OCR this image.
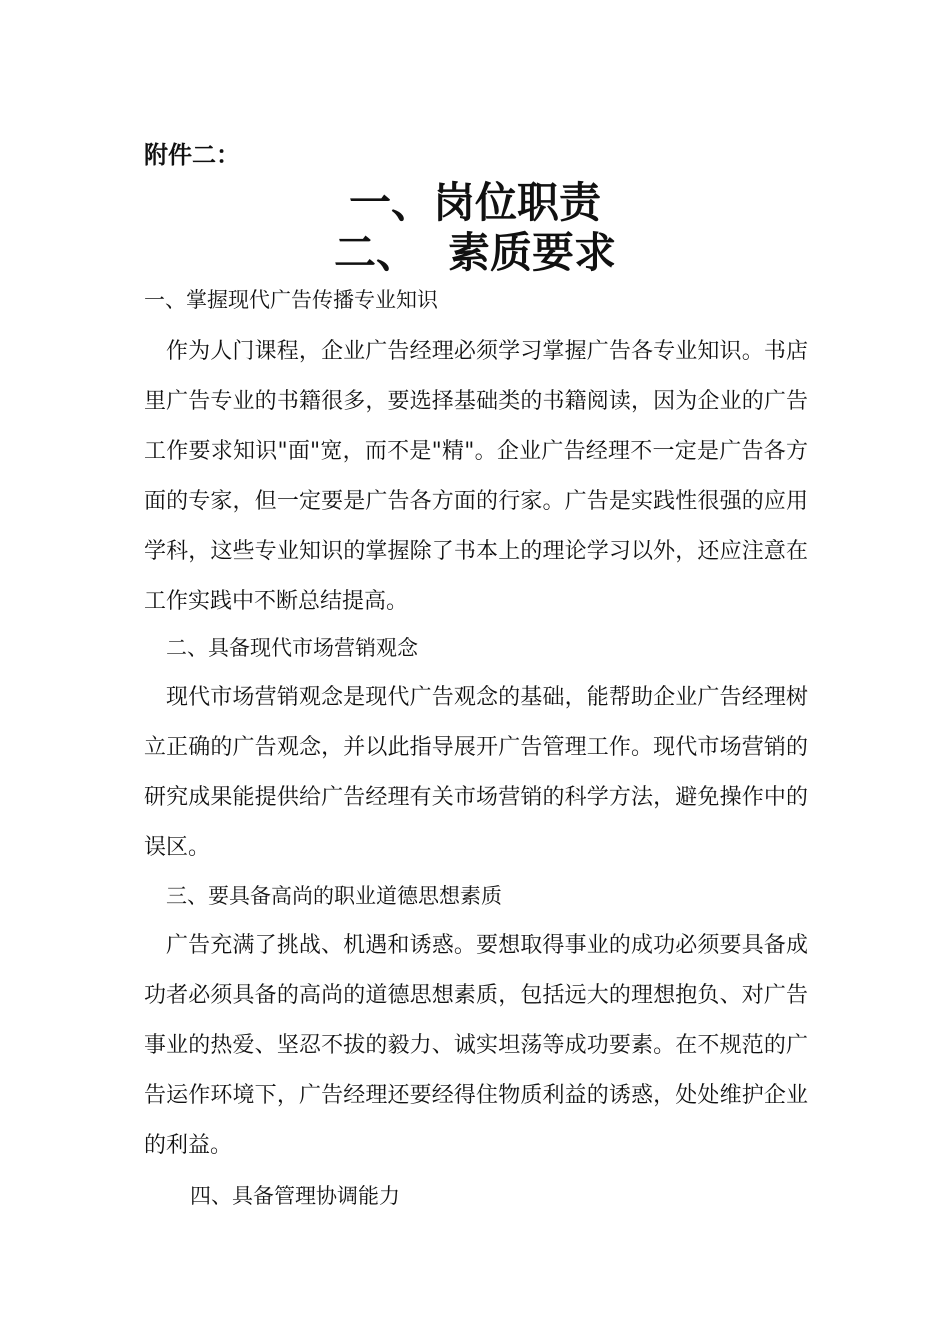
附件二：
一、岗位职责
二、 素质要求
一、掌握现代广告传播专业知识
作为人门课程，企业广告经理必须学习掌握广告各专业知识。书店里广告专业的书籍很多，要选择基础类的书籍阅读，因为企业的广告工作要求知识"面"宽，而不是"精"。企业广告经理不一定是广告各方面的专家，但一定要是广告各方面的行家。广告是实践性很强的应用学科，这些专业知识的掌握除了书本上的理论学习以外，还应注意在工作实践中不断总结提高。
二、具备现代市场营销观念
现代市场营销观念是现代广告观念的基础，能帮助企业广告经理树立正确的广告观念，并以此指导展开广告管理工作。现代市场营销的研究成果能提供给广告经理有关市场营销的科学方法，避免操作中的误区。
三、要具备高尚的职业道德思想素质
广告充满了挑战、机遇和诱惑。要想取得事业的成功必须要具备成功者必须具备的高尚的道德思想素质，包括远大的理想抱负、对广告事业的热爱、坚忍不拔的毅力、诚实坦荡等成功要素。在不规范的广告运作环境下，广告经理还要经得住物质利益的诱惑，处处维护企业的利益。
四、具备管理协调能力
